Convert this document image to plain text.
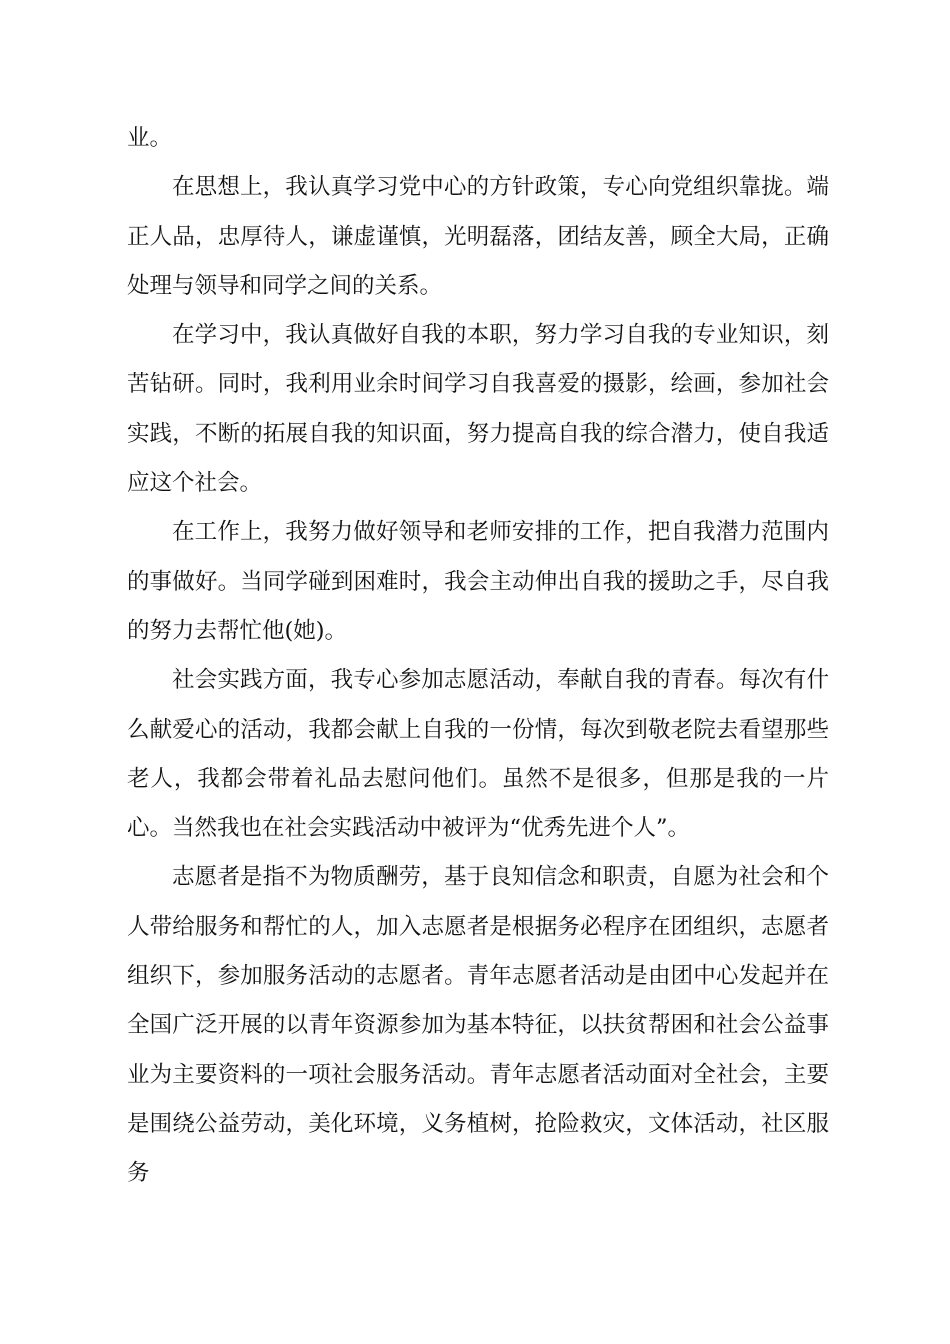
业。

在思想上，我认真学习党中心的方针政策，专心向党组织靠拢。端正人品，忠厚待人，谦虚谨慎，光明磊落，团结友善，顾全大局，正确处理与领导和同学之间的关系。

在学习中，我认真做好自我的本职，努力学习自我的专业知识，刻苦钻研。同时，我利用业余时间学习自我喜爱的摄影，绘画，参加社会实践，不断的拓展自我的知识面，努力提高自我的综合潜力，使自我适应这个社会。

在工作上，我努力做好领导和老师安排的工作，把自我潜力范围内的事做好。当同学碰到困难时，我会主动伸出自我的援助之手，尽自我的努力去帮忙他(她)。

社会实践方面，我专心参加志愿活动，奉献自我的青春。每次有什么献爱心的活动，我都会献上自我的一份情，每次到敬老院去看望那些老人，我都会带着礼品去慰问他们。虽然不是很多，但那是我的一片心。当然我也在社会实践活动中被评为“优秀先进个人”。

志愿者是指不为物质酬劳，基于良知信念和职责，自愿为社会和个人带给服务和帮忙的人，加入志愿者是根据务必程序在团组织，志愿者组织下，参加服务活动的志愿者。青年志愿者活动是由团中心发起并在全国广泛开展的以青年资源参加为基本特征，以扶贫帮困和社会公益事业为主要资料的一项社会服务活动。青年志愿者活动面对全社会，主要是围绕公益劳动，美化环境，义务植树，抢险救灾，文体活动，社区服务
